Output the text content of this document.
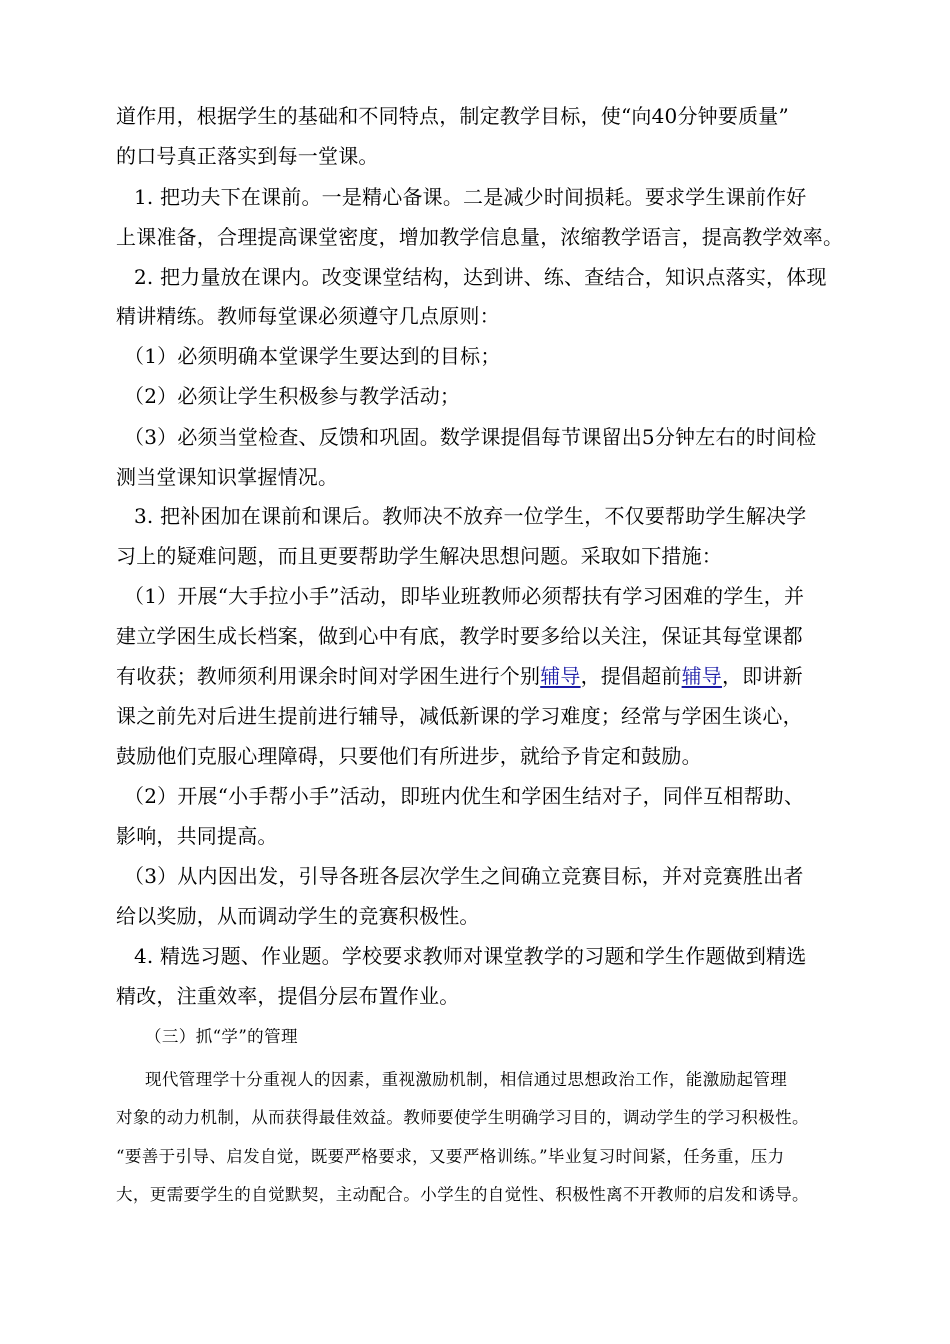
道作用，根据学生的基础和不同特点，制定教学目标，使“向40分钟要质量”
的口号真正落实到每一堂课。
1. 把功夫下在课前。一是精心备课。二是减少时间损耗。要求学生课前作好
上课准备，合理提高课堂密度，增加教学信息量，浓缩教学语言，提高教学效率。
2. 把力量放在课内。改变课堂结构，达到讲、练、查结合，知识点落实，体现
精讲精练。教师每堂课必须遵守几点原则：
（1）必须明确本堂课学生要达到的目标；
（2）必须让学生积极参与教学活动；
（3）必须当堂检查、反馈和巩固。数学课提倡每节课留出5分钟左右的时间检
测当堂课知识掌握情况。
3. 把补困加在课前和课后。教师决不放弃一位学生，不仅要帮助学生解决学
习上的疑难问题，而且更要帮助学生解决思想问题。采取如下措施：
（1）开展“大手拉小手”活动，即毕业班教师必须帮扶有学习困难的学生，并
建立学困生成长档案，做到心中有底，教学时要多给以关注，保证其每堂课都
有收获；教师须利用课余时间对学困生进行个别辅导，提倡超前辅导，即讲新
课之前先对后进生提前进行辅导，减低新课的学习难度；经常与学困生谈心，
鼓励他们克服心理障碍，只要他们有所进步，就给予肯定和鼓励。
（2）开展“小手帮小手”活动，即班内优生和学困生结对子，同伴互相帮助、
影响，共同提高。
（3）从内因出发，引导各班各层次学生之间确立竞赛目标，并对竞赛胜出者
给以奖励，从而调动学生的竞赛积极性。
4. 精选习题、作业题。学校要求教师对课堂教学的习题和学生作题做到精选
精改，注重效率，提倡分层布置作业。
（三）抓“学”的管理
现代管理学十分重视人的因素，重视激励机制，相信通过思想政治工作，能激励起管理
对象的动力机制，从而获得最佳效益。教师要使学生明确学习目的，调动学生的学习积极性。
“要善于引导、启发自觉，既要严格要求，又要严格训练。”毕业复习时间紧，任务重，压力
大，更需要学生的自觉默契，主动配合。小学生的自觉性、积极性离不开教师的启发和诱导。
